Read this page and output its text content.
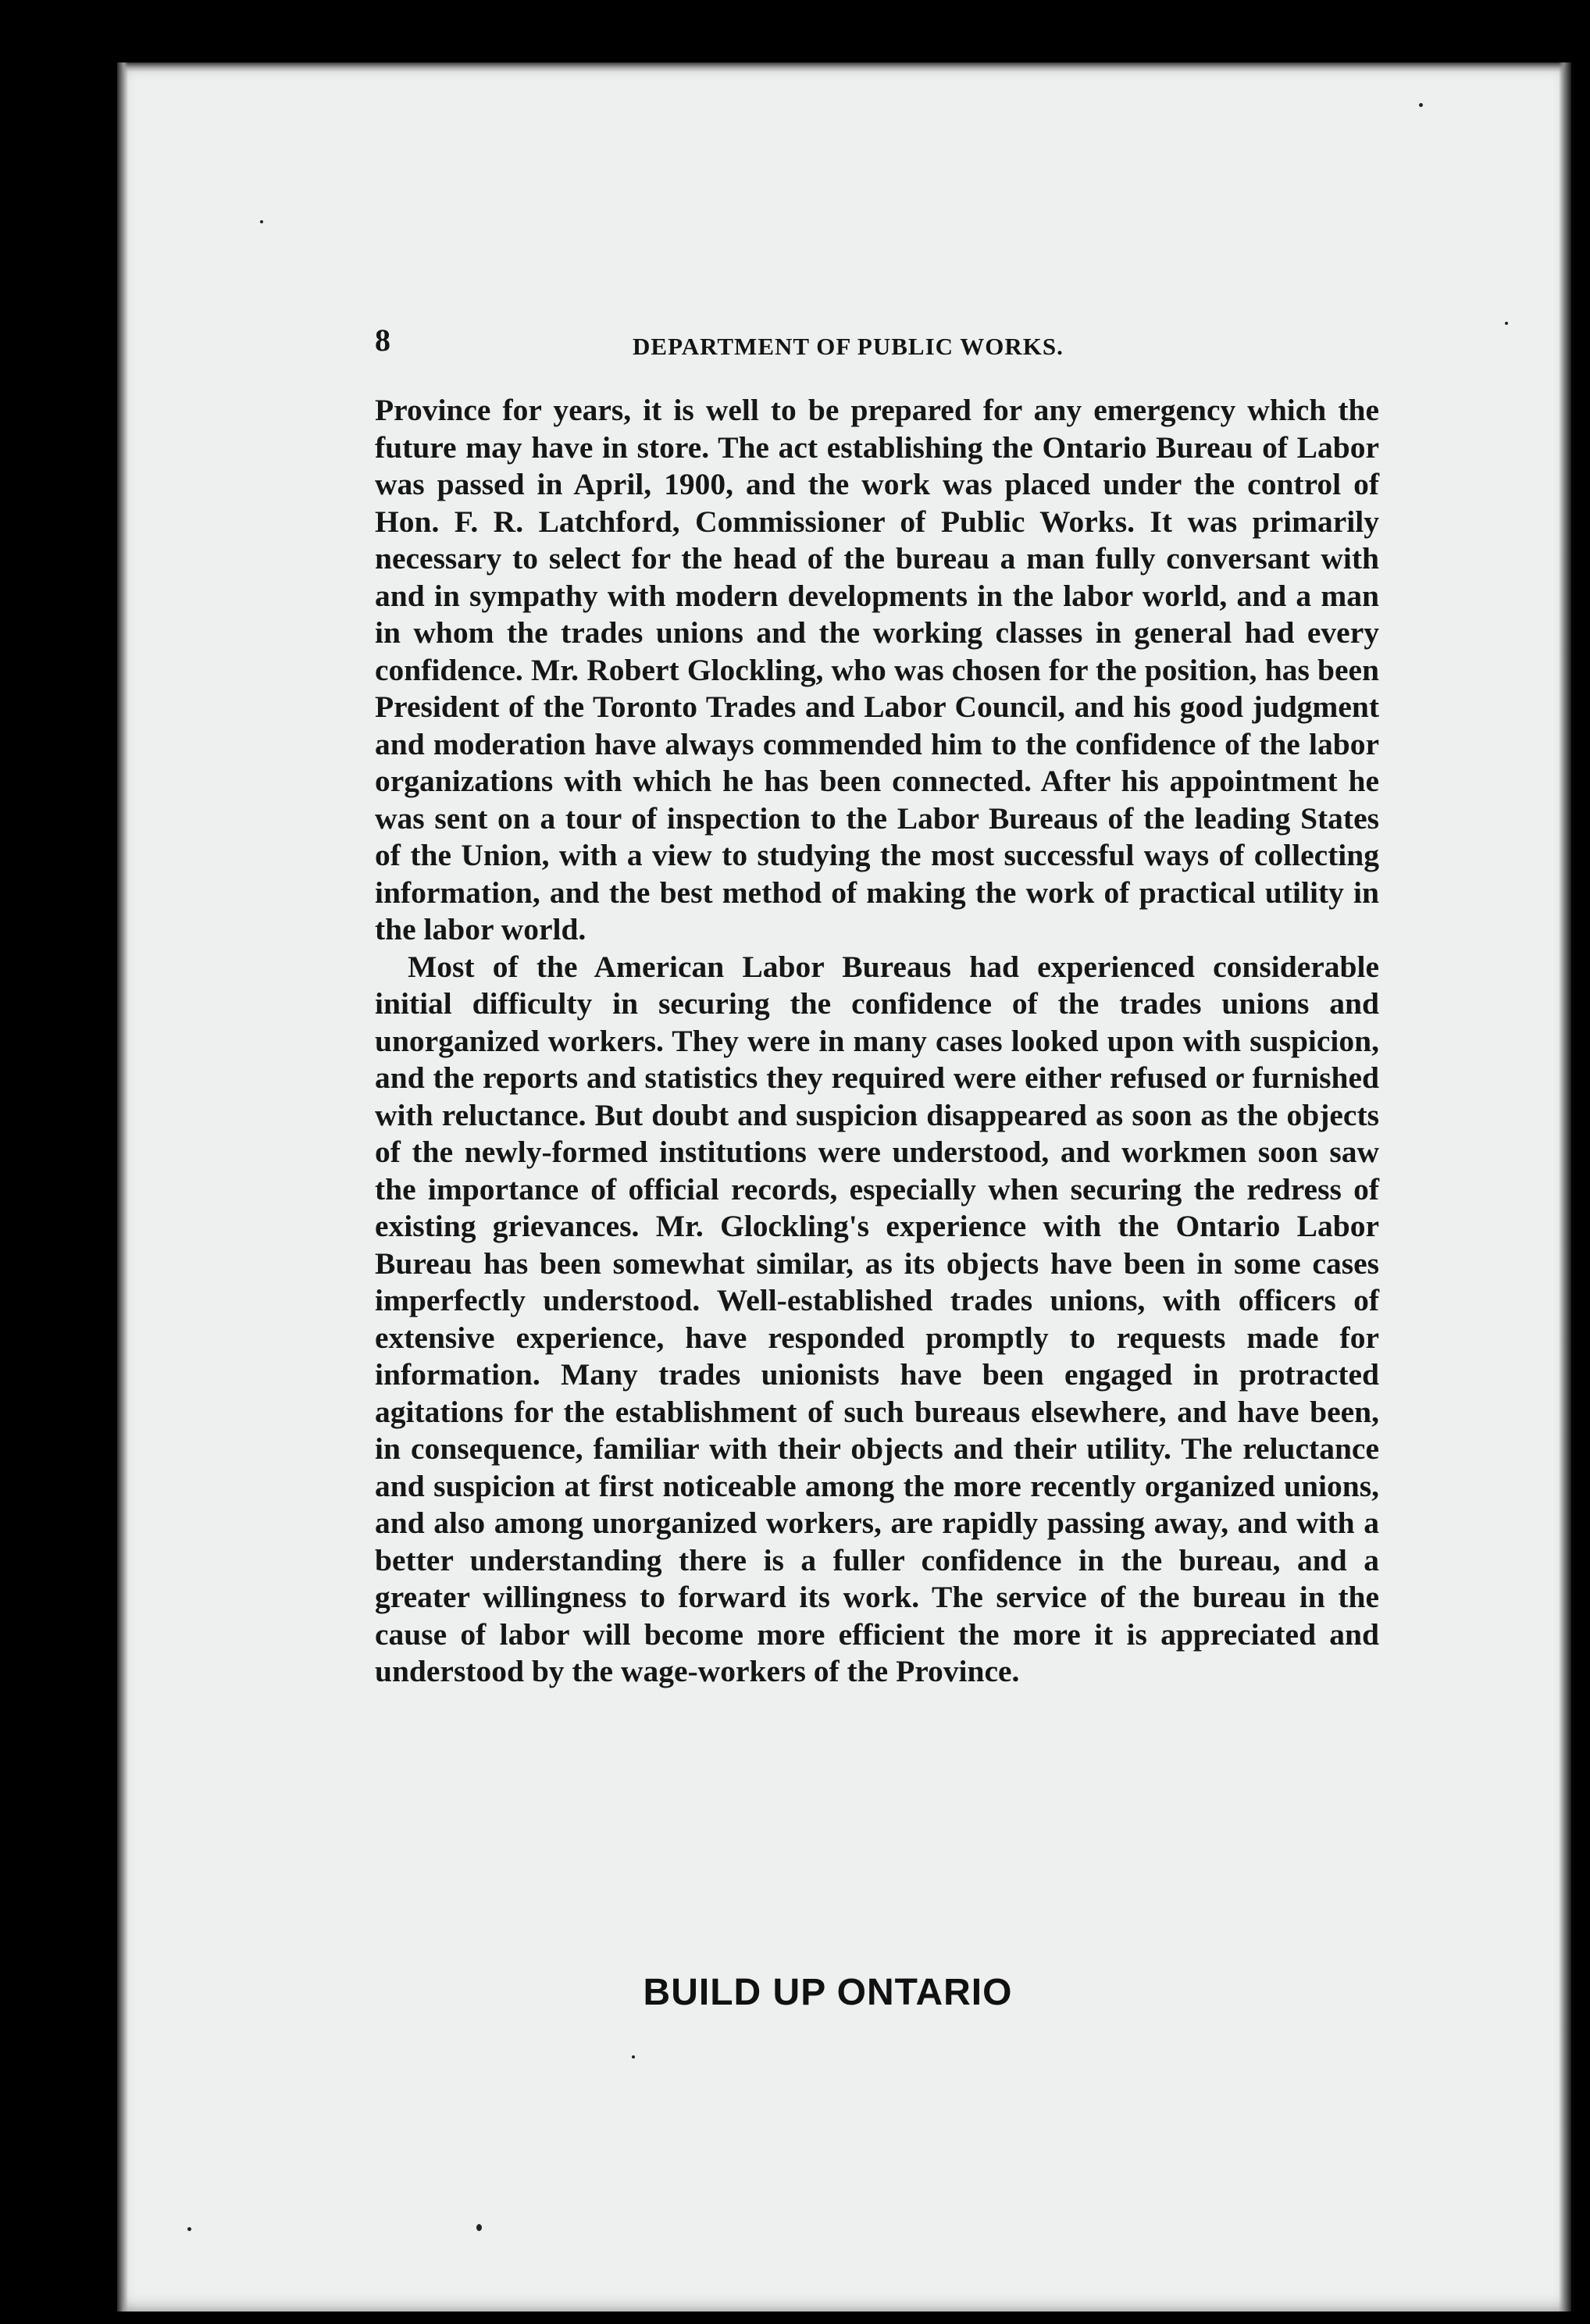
8	DEPARTMENT OF PUBLIC WORKS.

Province for years, it is well to be prepared for any emergency which the future may have in store. The act establishing the Ontario Bureau of Labor was passed in April, 1900, and the work was placed under the control of Hon. F. R. Latchford, Commissioner of Public Works. It was primarily necessary to select for the head of the bureau a man fully conversant with and in sympathy with modern developments in the labor world, and a man in whom the trades unions and the working classes in general had every confidence. Mr. Robert Glockling, who was chosen for the position, has been President of the Toronto Trades and Labor Council, and his good judgment and moderation have always commended him to the confidence of the labor organizations with which he has been connected. After his appointment he was sent on a tour of inspection to the Labor Bureaus of the leading States of the Union, with a view to studying the most successful ways of collecting information, and the best method of making the work of practical utility in the labor world.

Most of the American Labor Bureaus had experienced considerable initial difficulty in securing the confidence of the trades unions and unorganized workers. They were in many cases looked upon with suspicion, and the reports and statistics they required were either refused or furnished with reluctance. But doubt and suspicion disappeared as soon as the objects of the newly-formed institutions were understood, and workmen soon saw the importance of official records, especially when securing the redress of existing grievances. Mr. Glockling's experience with the Ontario Labor Bureau has been somewhat similar, as its objects have been in some cases imperfectly understood. Well-established trades unions, with officers of extensive experience, have responded promptly to requests made for information. Many trades unionists have been engaged in protracted agitations for the establishment of such bureaus elsewhere, and have been, in consequence, familiar with their objects and their utility. The reluctance and suspicion at first noticeable among the more recently organized unions, and also among unorganized workers, are rapidly passing away, and with a better understanding there is a fuller confidence in the bureau, and a greater willingness to forward its work. The service of the bureau in the cause of labor will become more efficient the more it is appreciated and understood by the wage-workers of the Province.

BUILD UP ONTARIO
